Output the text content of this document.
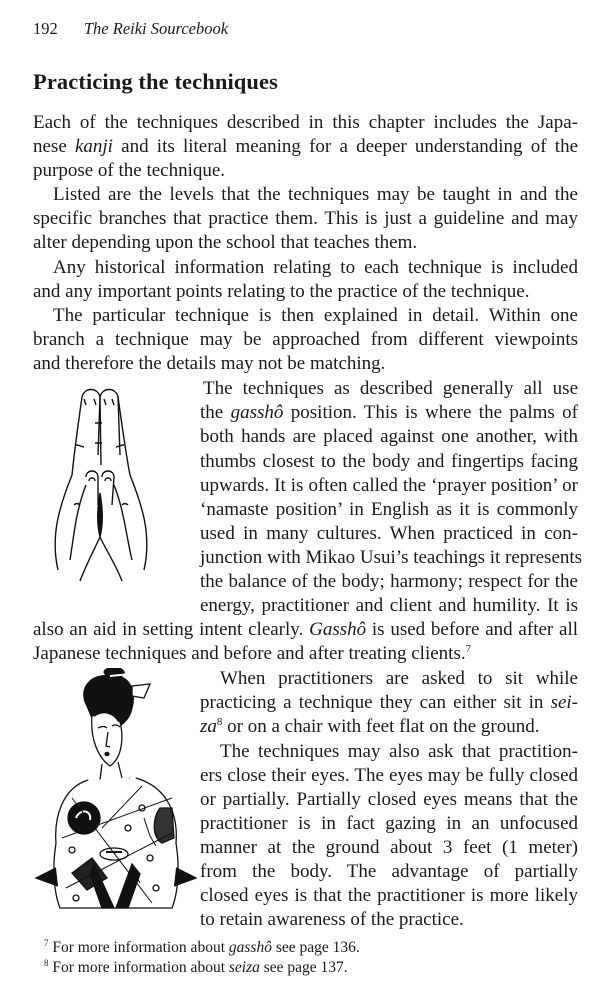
192 The Reiki Sourcebook
Practicing the techniques
Each of the techniques described in this chapter includes the Japa-
nese kanji and its literal meaning for a deeper understanding of the
purpose of the technique.
Listed are the levels that the techniques may be taught in and the
specific branches that practice them. This is just a guideline and may
alter depending upon the school that teaches them.
Any historical information relating to each technique is included
and any important points relating to the practice of the technique.
The particular technique is then explained in detail. Within one
branch a technique may be approached from different viewpoints
and therefore the details may not be matching.
The techniques as described generally all use
the gasshô position. This is where the palms of
both hands are placed against one another, with
thumbs closest to the body and fingertips facing
upwards. It is often called the ‘prayer position’ or
‘namaste position’ in English as it is commonly
used in many cultures. When practiced in con-
junction with Mikao Usui’s teachings it represents
the balance of the body; harmony; respect for the
energy, practitioner and client and humility. It is
also an aid in setting intent clearly. Gasshô is used before and after all
Japanese techniques and before and after treating clients.$^7$
When practitioners are asked to sit while
practicing a technique they can either sit in sei-
$za^8$ or on a chair with feet flat on the ground.
The techniques may also ask that practition-
ers close their eyes. The eyes may be fully closed
or partially. Partially closed eyes means that the
practitioner is in fact gazing in an unfocused
manner at the ground about 3 feet (1 meter)
from the body. The advantage of partially
closed eyes is that the practitioner is more likely
to retain awareness of the practice.
$^7$ For more information about gasshô see page 136.
$^8$ For more information about seiza see page 137.
